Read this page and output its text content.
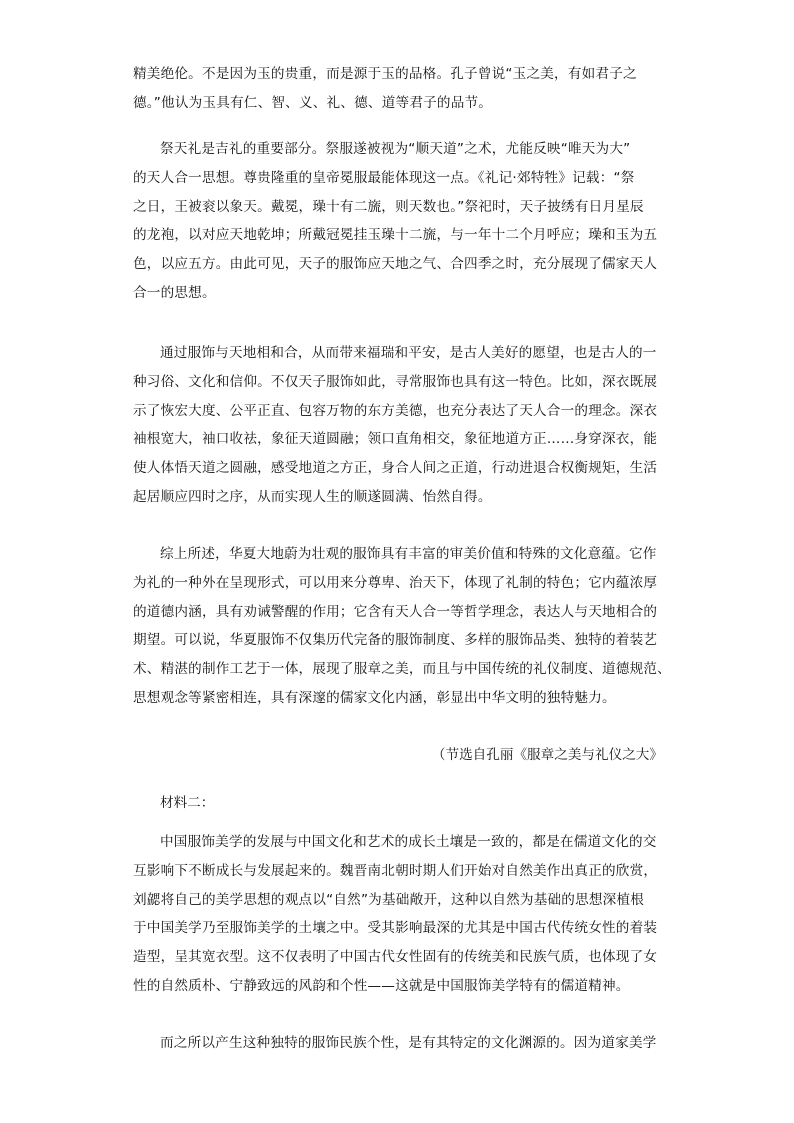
精美绝伦。不是因为玉的贵重，而是源于玉的品格。孔子曾说“玉之美，有如君子之
德。”他认为玉具有仁、智、义、礼、德、道等君子的品节。
祭天礼是吉礼的重要部分。祭服遂被视为“顺天道”之术，尤能反映“唯天为大”
的天人合一思想。尊贵隆重的皇帝冕服最能体现这一点。《礼记·郊特牲》记载：“祭
之日，王被衮以象天。戴冕，璪十有二旒，则天数也。”祭祀时，天子披绣有日月星辰
的龙袍，以对应天地乾坤；所戴冠冕挂玉璪十二旒，与一年十二个月呼应；璪和玉为五
色，以应五方。由此可见，天子的服饰应天地之气、合四季之时，充分展现了儒家天人
合一的思想。
通过服饰与天地相和合，从而带来福瑞和平安，是古人美好的愿望，也是古人的一
种习俗、文化和信仰。不仅天子服饰如此，寻常服饰也具有这一特色。比如，深衣既展
示了恢宏大度、公平正直、包容万物的东方美德，也充分表达了天人合一的理念。深衣
袖根宽大，袖口收祛，象征天道圆融；领口直角相交，象征地道方正……身穿深衣，能
使人体悟天道之圆融，感受地道之方正，身合人间之正道，行动进退合权衡规矩，生活
起居顺应四时之序，从而实现人生的顺遂圆满、怡然自得。
综上所述，华夏大地蔚为壮观的服饰具有丰富的审美价值和特殊的文化意蕴。它作
为礼的一种外在呈现形式，可以用来分尊卑、治天下，体现了礼制的特色；它内蕴浓厚
的道德内涵，具有劝诫警醒的作用；它含有天人合一等哲学理念，表达人与天地相合的
期望。可以说，华夏服饰不仅集历代完备的服饰制度、多样的服饰品类、独特的着装艺
术、精湛的制作工艺于一体，展现了服章之美，而且与中国传统的礼仪制度、道德规范、
思想观念等紧密相连，具有深邃的儒家文化内涵，彰显出中华文明的独特魅力。
（节选自孔丽《服章之美与礼仪之大》
材料二：
中国服饰美学的发展与中国文化和艺术的成长土壤是一致的，都是在儒道文化的交
互影响下不断成长与发展起来的。魏晋南北朝时期人们开始对自然美作出真正的欣赏，
刘勰将自己的美学思想的观点以“自然”为基础敞开，这种以自然为基础的思想深植根
于中国美学乃至服饰美学的土壤之中。受其影响最深的尤其是中国古代传统女性的着装
造型，呈其宽衣型。这不仅表明了中国古代女性固有的传统美和民族气质，也体现了女
性的自然质朴、宁静致远的风韵和个性——这就是中国服饰美学特有的儒道精神。
而之所以产生这种独特的服饰民族个性，是有其特定的文化渊源的。因为道家美学
